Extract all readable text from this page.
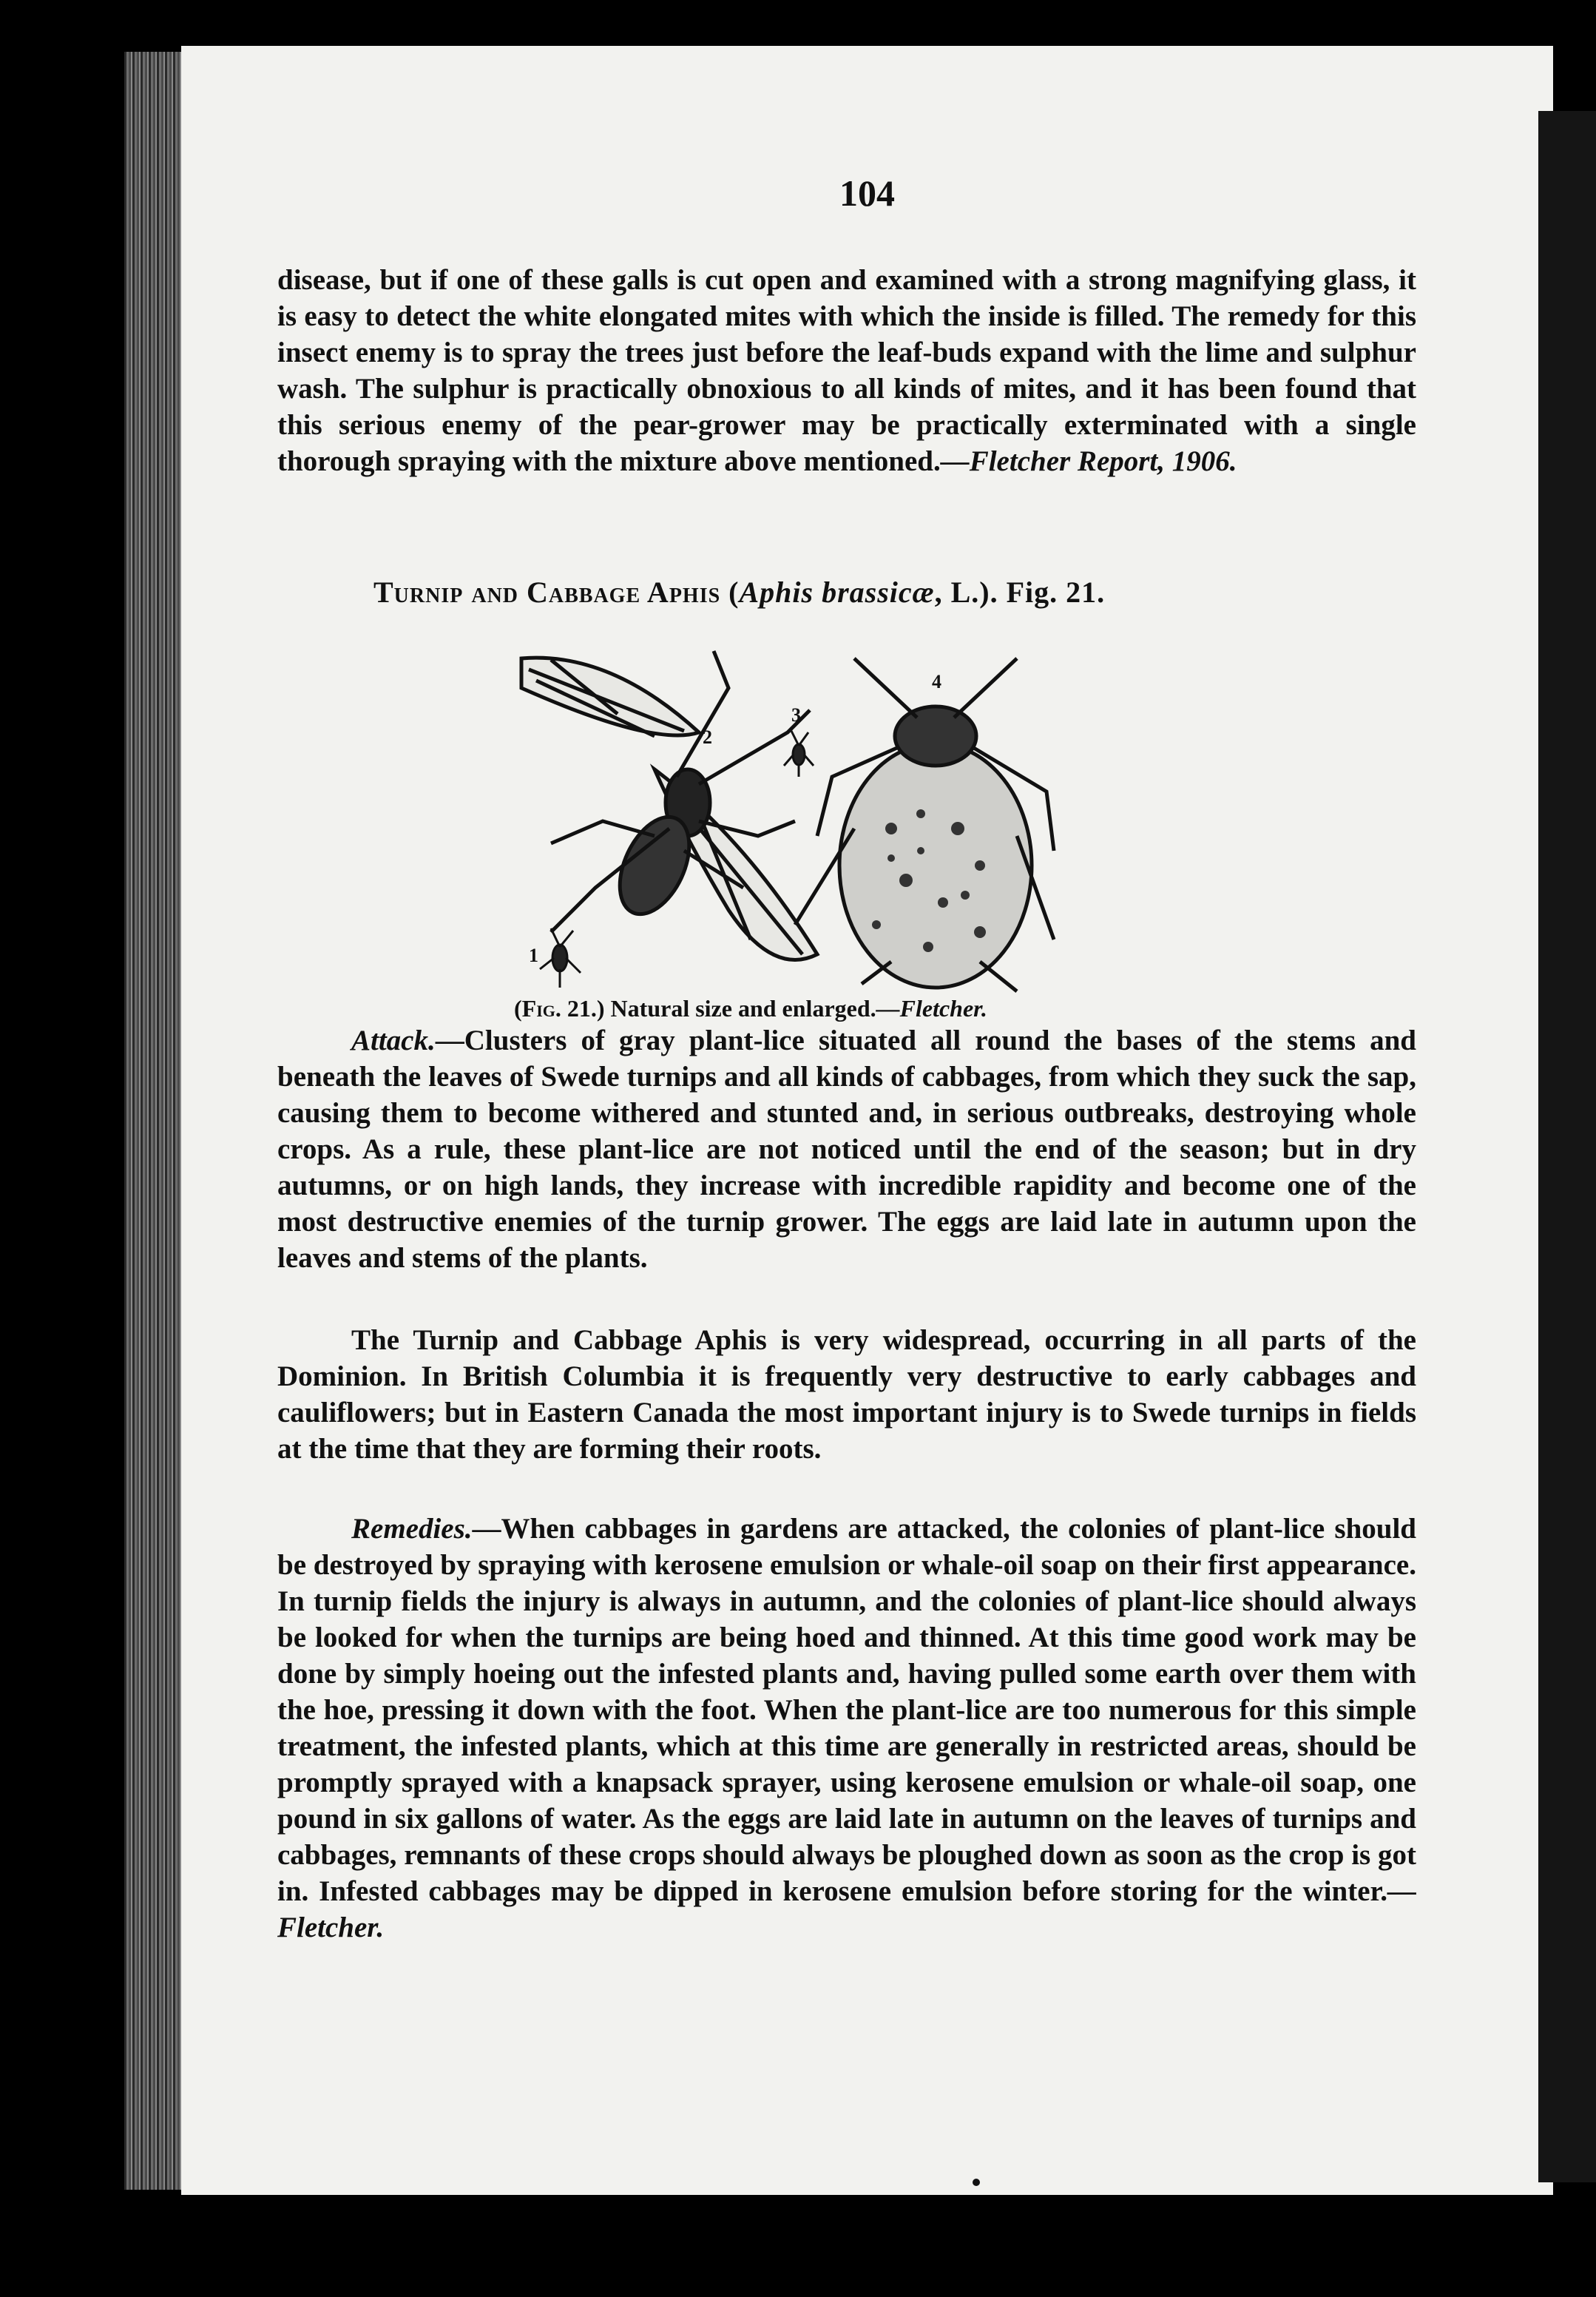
104

disease, but if one of these galls is cut open and examined with a strong magnifying glass, it is easy to detect the white elongated mites with which the inside is filled. The remedy for this insect enemy is to spray the trees just before the leaf-buds expand with the lime and sulphur wash. The sulphur is practically obnoxious to all kinds of mites, and it has been found that this serious enemy of the pear-grower may be practically exterminated with a single thorough spraying with the mixture above mentioned.—Fletcher Report, 1906.

Turnip and Cabbage Aphis (Aphis brassicæ, L.). Fig. 21.
2
1
3
4
(Fig. 21.) Natural size and enlarged.—Fletcher.

Attack.—Clusters of gray plant-lice situated all round the bases of the stems and beneath the leaves of Swede turnips and all kinds of cabbages, from which they suck the sap, causing them to become withered and stunted and, in serious outbreaks, destroying whole crops. As a rule, these plant-lice are not noticed until the end of the season; but in dry autumns, or on high lands, they increase with incredible rapidity and become one of the most destructive enemies of the turnip grower. The eggs are laid late in autumn upon the leaves and stems of the plants.

The Turnip and Cabbage Aphis is very widespread, occurring in all parts of the Dominion. In British Columbia it is frequently very destructive to early cabbages and cauliflowers; but in Eastern Canada the most important injury is to Swede turnips in fields at the time that they are forming their roots.

Remedies.—When cabbages in gardens are attacked, the colonies of plant-lice should be destroyed by spraying with kerosene emulsion or whale-oil soap on their first appearance. In turnip fields the injury is always in autumn, and the colonies of plant-lice should always be looked for when the turnips are being hoed and thinned. At this time good work may be done by simply hoeing out the infested plants and, having pulled some earth over them with the hoe, pressing it down with the foot. When the plant-lice are too numerous for this simple treatment, the infested plants, which at this time are generally in restricted areas, should be promptly sprayed with a knapsack sprayer, using kerosene emulsion or whale-oil soap, one pound in six gallons of water. As the eggs are laid late in autumn on the leaves of turnips and cabbages, remnants of these crops should always be ploughed down as soon as the crop is got in. Infested cabbages may be dipped in kerosene emulsion before storing for the winter.—Fletcher.
